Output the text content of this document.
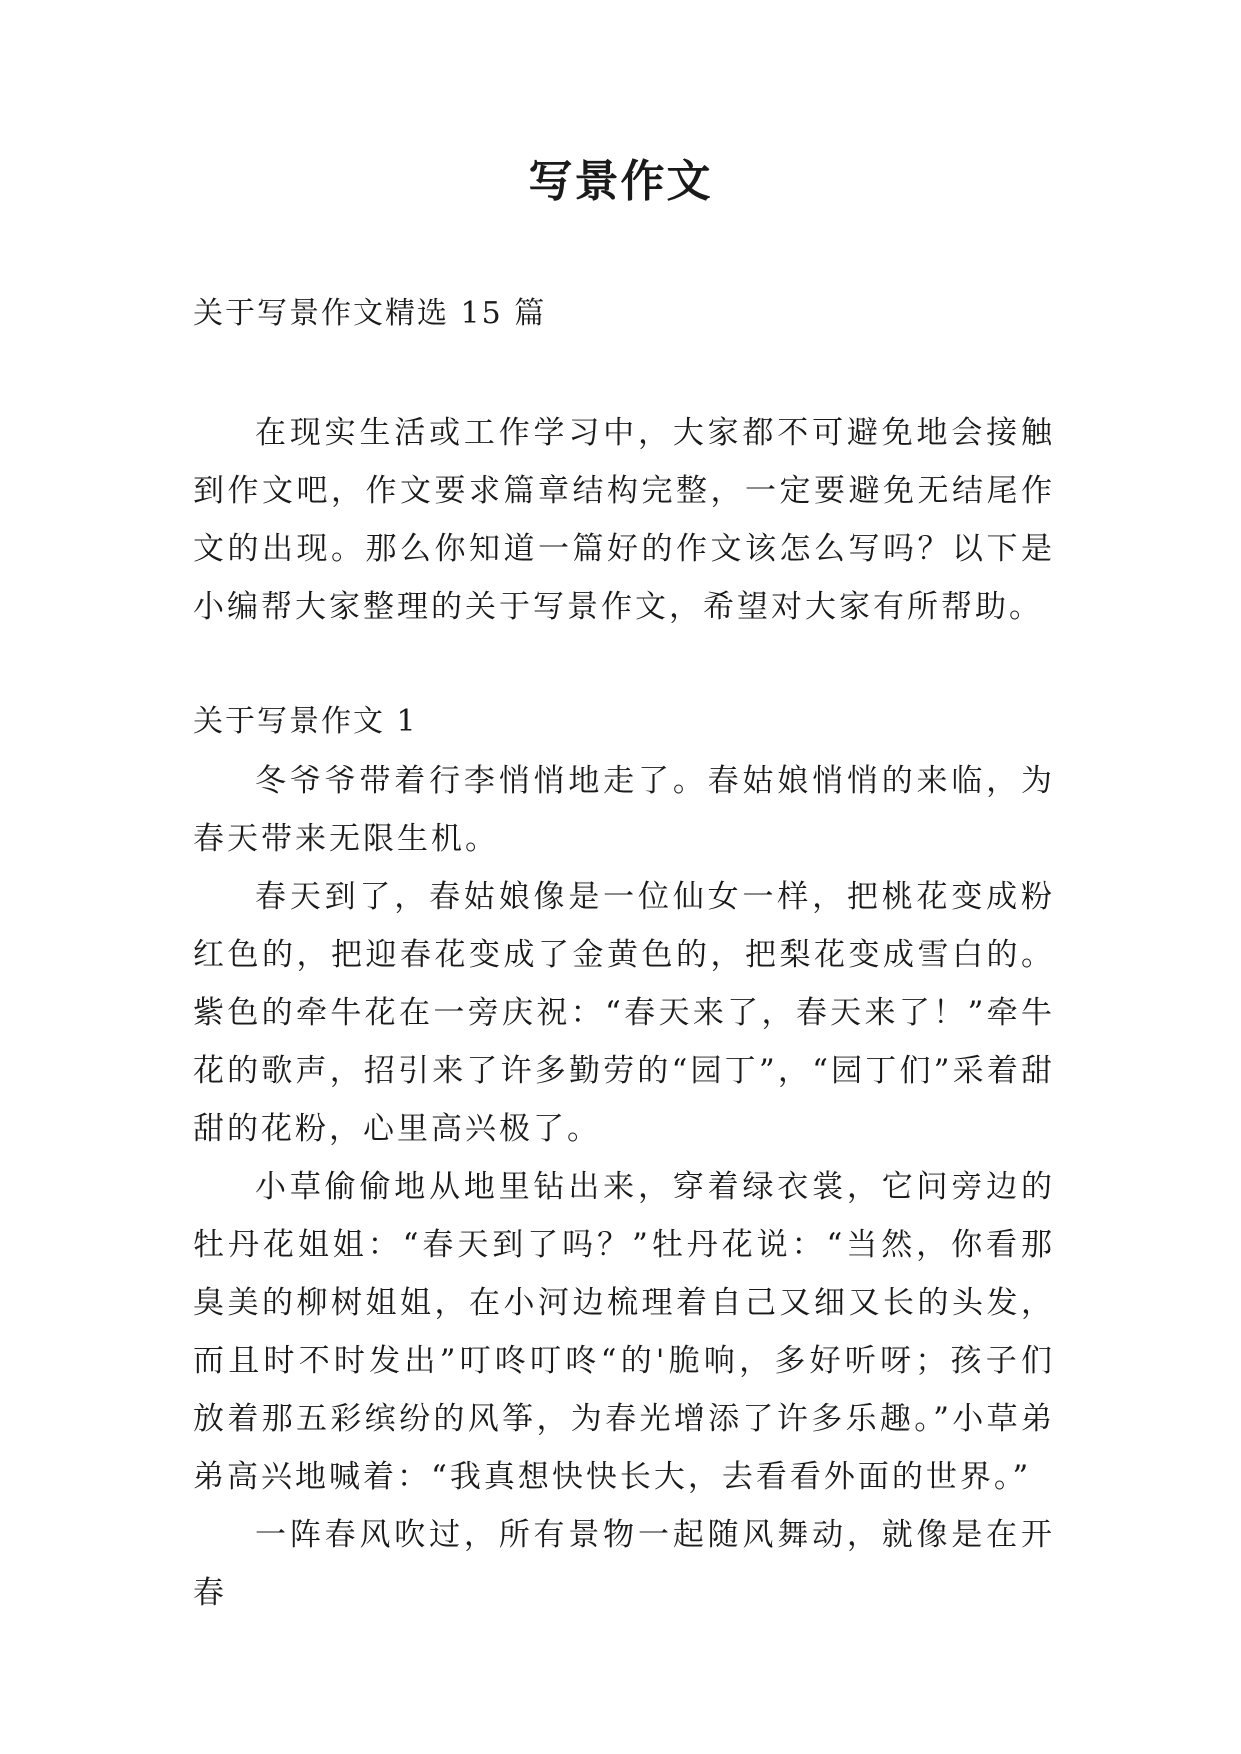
写景作文
关于写景作文精选 15 篇

在现实生活或工作学习中，大家都不可避免地会接触到作文吧，作文要求篇章结构完整，一定要避免无结尾作文的出现。那么你知道一篇好的作文该怎么写吗？以下是小编帮大家整理的关于写景作文，希望对大家有所帮助。

关于写景作文 1

冬爷爷带着行李悄悄地走了。春姑娘悄悄的来临，为春天带来无限生机。

春天到了，春姑娘像是一位仙女一样，把桃花变成粉红色的，把迎春花变成了金黄色的，把梨花变成雪白的。紫色的牵牛花在一旁庆祝：“春天来了，春天来了！”牵牛花的歌声，招引来了许多勤劳的“园丁”，“园丁们”采着甜甜的花粉，心里高兴极了。

小草偷偷地从地里钻出来，穿着绿衣裳，它问旁边的牡丹花姐姐：“春天到了吗？”牡丹花说：“当然，你看那臭美的柳树姐姐，在小河边梳理着自己又细又长的头发，而且时不时发出”叮咚叮咚“的'脆响，多好听呀；孩子们放着那五彩缤纷的风筝，为春光增添了许多乐趣。”小草弟弟高兴地喊着：“我真想快快长大，去看看外面的世界。”

一阵春风吹过，所有景物一起随风舞动，就像是在开春
